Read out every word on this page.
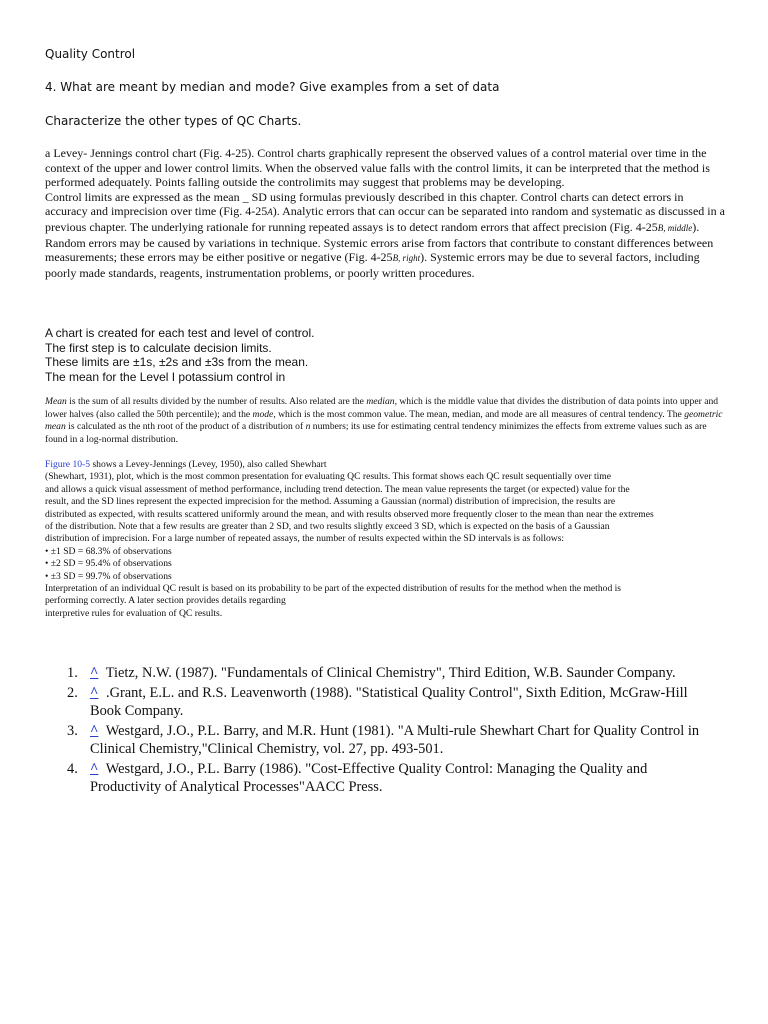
Quality Control
4. What are meant by median and mode? Give examples from a set of data
Characterize the other types of QC Charts.

a Levey- Jennings control chart (Fig. 4-25). Control charts graphically represent the observed values of a control material over time in the context of the upper and lower control limits. When the observed value falls with the control limits, it can be interpreted that the method is performed adequately. Points falling outside the controlimits may suggest that problems may be developing.

Control limits are expressed as the mean _ SD using formulas previously described in this chapter. Control charts can detect errors in accuracy and imprecision over time (Fig. 4-25A). Analytic errors that can occur can be separated into random and systematic as discussed in a previous chapter. The underlying rationale for running repeated assays is to detect random errors that affect precision (Fig. 4-25B, middle). Random errors may be caused by variations in technique. Systemic errors arise from factors that contribute to constant differences between measurements; these errors may be either positive or negative (Fig. 4-25B, right). Systemic errors may be due to several factors, including poorly made standards, reagents, instrumentation problems, or poorly written procedures.

A chart is created for each test and level of control.
The first step is to calculate decision limits.
These limits are ±1s, ±2s and ±3s from the mean.
The mean for the Level I potassium control in
Mean is the sum of all results divided by the number of results. Also related are the median, which is the middle value that divides the distribution of data points into upper and lower halves (also called the 50th percentile); and the mode, which is the most common value. The mean, median, and mode are all measures of central tendency. The geometric mean is calculated as the nth root of the product of a distribution of n numbers; its use for estimating central tendency minimizes the effects from extreme values such as are found in a log-normal distribution.
Figure 10-5 shows a Levey-Jennings (Levey, 1950), also called Shewhart
(Shewhart, 1931), plot, which is the most common presentation for evaluating QC results. This format shows each QC result sequentially over time
and allows a quick visual assessment of method performance, including trend detection. The mean value represents the target (or expected) value for the
result, and the SD lines represent the expected imprecision for the method. Assuming a Gaussian (normal) distribution of imprecision, the results are
distributed as expected, with results scattered uniformly around the mean, and with results observed more frequently closer to the mean than near the extremes
of the distribution. Note that a few results are greater than 2 SD, and two results slightly exceed 3 SD, which is expected on the basis of a Gaussian
distribution of imprecision. For a large number of repeated assays, the number of results expected within the SD intervals is as follows:
• ±1 SD = 68.3% of observations
• ±2 SD = 95.4% of observations
• ±3 SD = 99.7% of observations
Interpretation of an individual QC result is based on its probability to be part of the expected distribution of results for the method when the method is
performing correctly. A later section provides details regarding
interpretive rules for evaluation of QC results.
1. ^ Tietz, N.W. (1987). "Fundamentals of Clinical Chemistry", Third Edition, W.B. Saunder Company.
2. ^ .Grant, E.L. and R.S. Leavenworth (1988). "Statistical Quality Control", Sixth Edition, McGraw-Hill Book Company.
3. ^ Westgard, J.O., P.L. Barry, and M.R. Hunt (1981). "A Multi-rule Shewhart Chart for Quality Control in Clinical Chemistry,"Clinical Chemistry, vol. 27, pp. 493-501.
4. ^ Westgard, J.O., P.L. Barry (1986). "Cost-Effective Quality Control: Managing the Quality and Productivity of Analytical Processes"AACC Press.
